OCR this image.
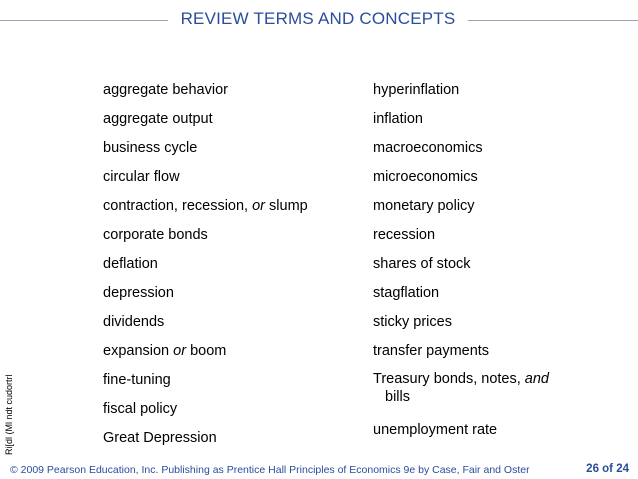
REVIEW TERMS AND CONCEPTS
aggregate behavior
aggregate output
business cycle
circular flow
contraction, recession, or slump
corporate bonds
deflation
depression
dividends
expansion or boom
fine-tuning
fiscal policy
Great Depression
hyperinflation
inflation
macroeconomics
microeconomics
monetary policy
recession
shares of stock
stagflation
sticky prices
transfer payments
Treasury bonds, notes, and
bills
unemployment rate
Ri[dl (Ml ndt cudortrl
© 2009 Pearson Education, Inc. Publishing as Prentice Hall Principles of Economics 9e by Case, Fair and Oster	26 of 24
